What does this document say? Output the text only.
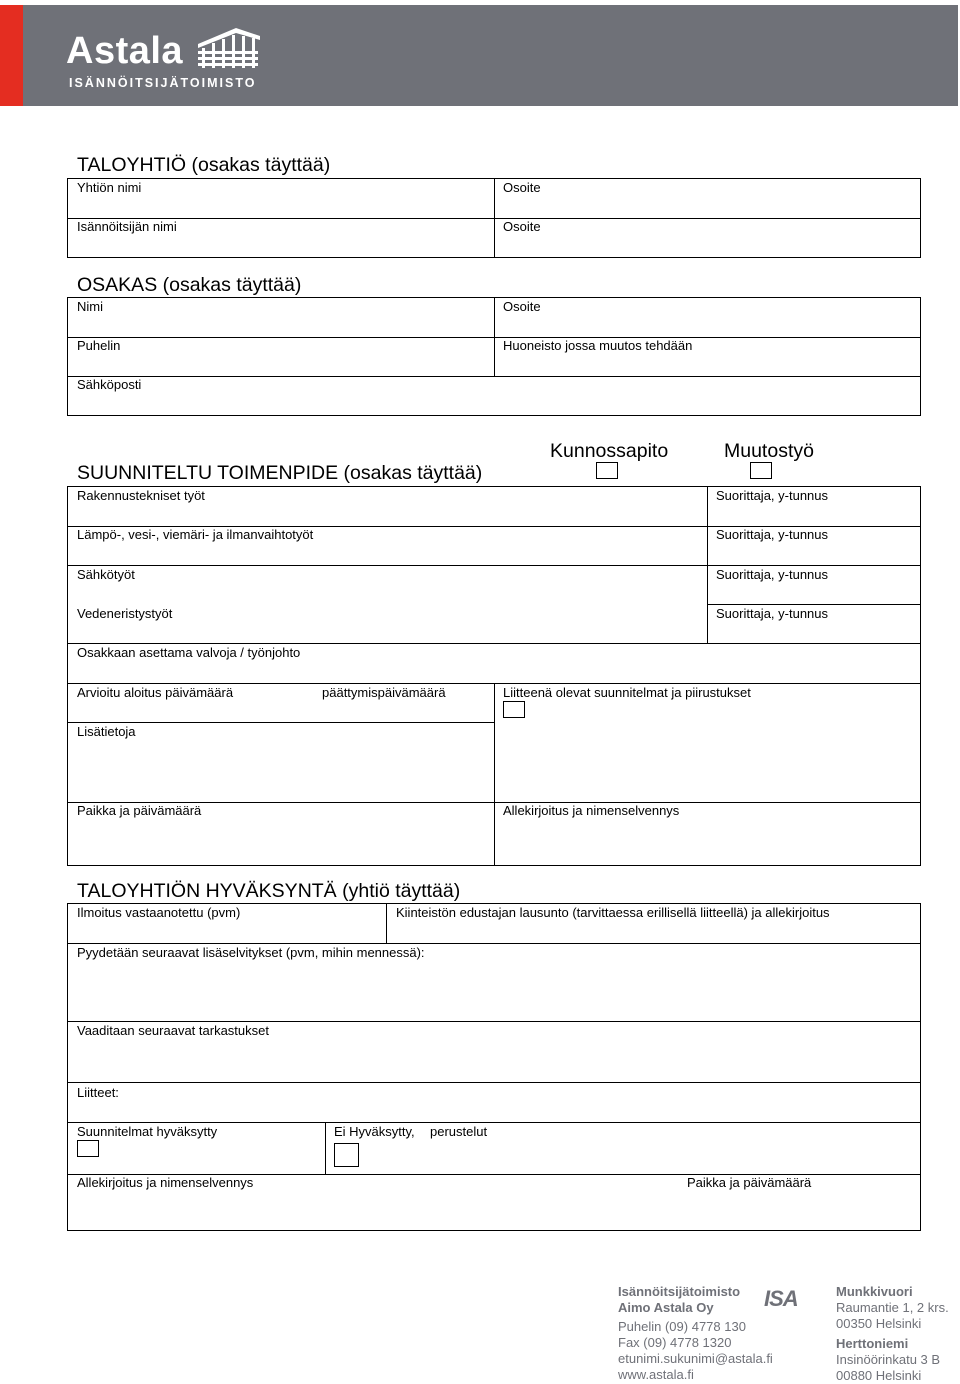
Astala
ISÄNNÖITSIJÄTOIMISTO
TALOYHTIÖ (osakas täyttää)
Yhtiön nimi	Osoite
Isännöitsijän nimi	Osoite
OSAKAS (osakas täyttää)
Nimi	Osoite
Puhelin	Huoneisto jossa muutos tehdään
Sähköposti
Kunnossapito	Muutostyö
SUUNNITELTU TOIMENPIDE (osakas täyttää)
Rakennustekniset työt	Suorittaja, y-tunnus
Lämpö-, vesi-, viemäri- ja ilmanvaihtotyöt	Suorittaja, y-tunnus
Sähkötyöt	Suorittaja, y-tunnus
Vedeneristystyöt	Suorittaja, y-tunnus
Osakkaan asettama valvoja / työnjohto
Arvioitu aloitus päivämäärä	päättymispäivämäärä	Liitteenä olevat suunnitelmat ja piirustukset
Lisätietoja
Paikka ja päivämäärä	Allekirjoitus ja nimenselvennys
TALOYHTIÖN HYVÄKSYNTÄ (yhtiö täyttää)
Ilmoitus vastaanotettu (pvm)	Kiinteistön edustajan lausunto (tarvittaessa erillisellä liitteellä) ja allekirjoitus
Pyydetään seuraavat lisäselvitykset (pvm, mihin mennessä):
Vaaditaan seuraavat tarkastukset
Liitteet:
Suunnitelmat hyväksytty	Ei Hyväksytty, perustelut
Allekirjoitus ja nimenselvennys	Paikka ja päivämäärä
Isännöitsijätoimisto
Aimo Astala Oy
Puhelin (09) 4778 130
Fax (09) 4778 1320
etunimi.sukunimi@astala.fi
www.astala.fi
ISA	Munkkivuori
Raumantie 1, 2 krs.
00350 Helsinki
Herttoniemi
Insinöörinkatu 3 B
00880 Helsinki
